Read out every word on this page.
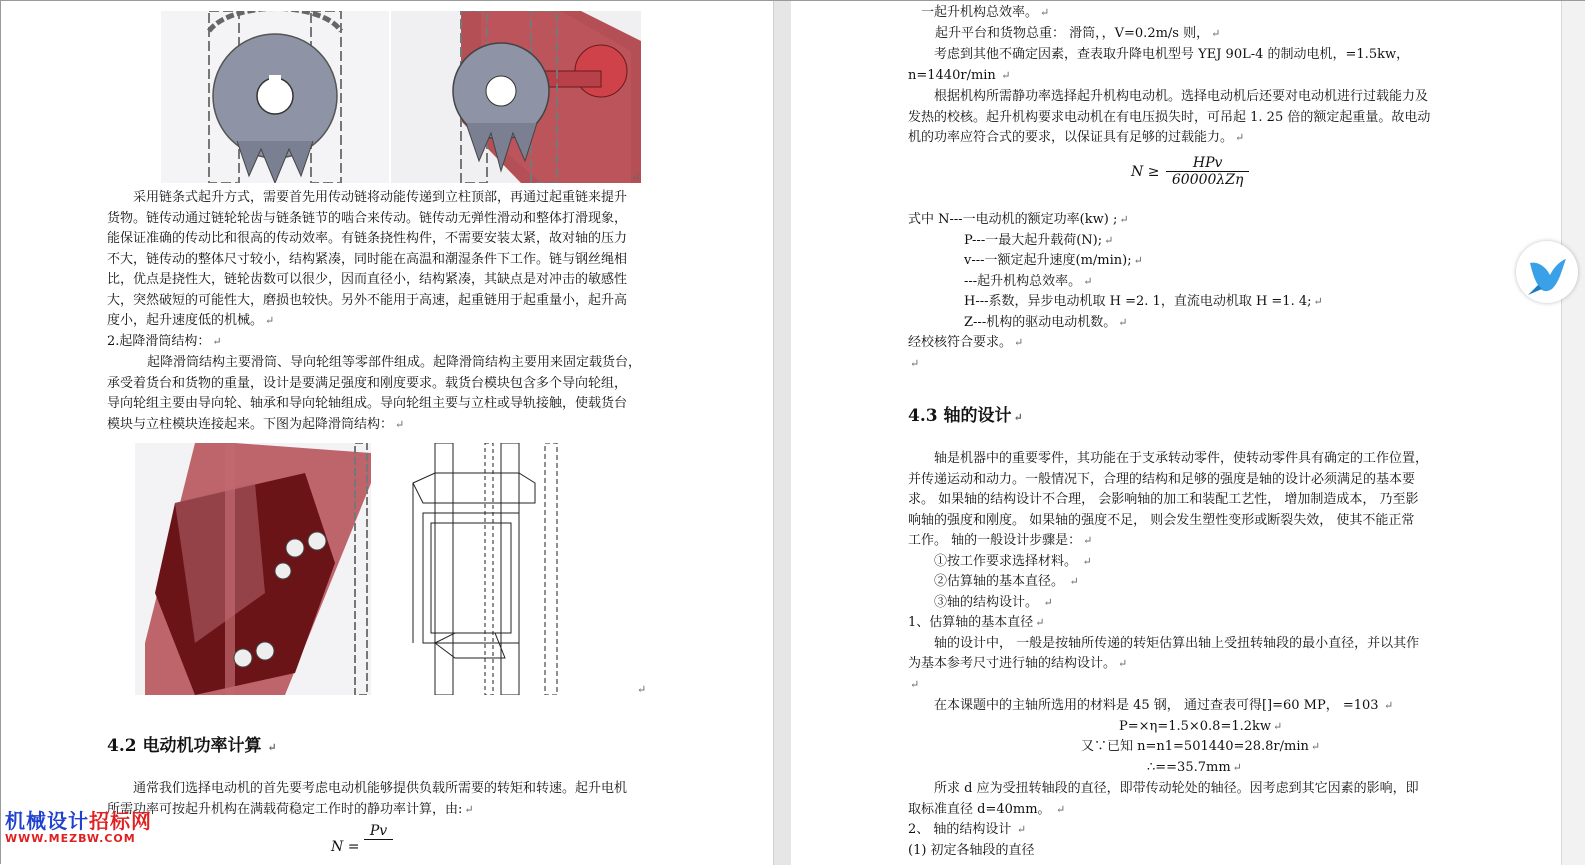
↵
采用链条式起升方式，需要首先用传动链将动能传递到立柱顶部，再通过起重链来提升
货物。链传动通过链轮轮齿与链条链节的啮合来传动。链传动无弹性滑动和整体打滑现象，
能保证准确的传动比和很高的传动效率。有链条挠性构件，不需要安装太紧，故对轴的压力
不大，链传动的整体尺寸较小，结构紧凑，同时能在高温和潮湿条件下工作。链与钢丝绳相
比，优点是挠性大，链轮齿数可以很少，因而直径小，结构紧凑，其缺点是对冲击的敏感性
大，突然破短的可能性大，磨损也较快。另外不能用于高速，起重链用于起重量小，起升高
度小，起升速度低的机械。 ↵
2.起降滑筒结构： ↵
起降滑筒结构主要滑筒、导向轮组等零部件组成。起降滑筒结构主要用来固定载货台，
承受着货台和货物的重量，设计是要满足强度和刚度要求。载货台模块包含多个导向轮组，
导向轮组主要由导向轮、轴承和导向轮轴组成。导向轮组主要与立柱或导轨接触，使载货台
模块与立柱模块连接起来。下图为起降滑筒结构： ↵
↵
4.2 电动机功率计算 ↵
通常我们选择电动机的首先要考虑电动机能够提供负载所需要的转矩和转速。起升电机
所需功率可按起升机构在满载荷稳定工作时的静功率计算，由: ↵
N =
Pv
机械设计招标网
WWW.MEZBW.COM
一起升机构总效率。 ↵
起升平台和货物总重： 滑筒，，V=0.2m/s 则， ↵
考虑到其他不确定因素，查表取升降电机型号 YEJ 90L-4 的制动电机，=1.5kw，
n=1440r/min ↵
根据机构所需静功率选择起升机构电动机。选择电动机后还要对电动机进行过载能力及
发热的校核。起升机构要求电动机在有电压损失时，可吊起 1. 25 倍的额定起重量。故电动
机的功率应符合式的要求，以保证具有足够的过载能力。 ↵
$N \ge \frac{\text{HPv}}{\text{60000λZη}}$
式中 N---一电动机的额定功率(kw) ; ↵
P---一最大起升载荷(N); ↵
v---一额定起升速度(m/min); ↵
---起升机构总效率。 ↵
H---系数，异步电动机取 H =2. 1，直流电动机取 H =1. 4; ↵
Z---机构的驱动电动机数。 ↵
经校核符合要求。 ↵
↵
4.3 轴的设计 ↵
轴是机器中的重要零件，其功能在于支承转动零件，使转动零件具有确定的工作位置，
并传递运动和动力。一般情况下，合理的结构和足够的强度是轴的设计必须满足的基本要
求。 如果轴的结构设计不合理， 会影响轴的加工和装配工艺性， 增加制造成本， 乃至影
响轴的强度和刚度。 如果轴的强度不足， 则会发生塑性变形或断裂失效， 使其不能正常
工作。 轴的一般设计步骤是： ↵
①按工作要求选择材料。 ↵
②估算轴的基本直径。 ↵
③轴的结构设计。 ↵
1、估算轴的基本直径 ↵
轴的设计中， 一般是按轴所传递的转矩估算出轴上受扭转轴段的最小直径，并以其作
为基本参考尺寸进行轴的结构设计。 ↵
↵
在本课题中的主轴所选用的材料是 45 钢， 通过查表可得[]=60 MP， =103 ↵
P=×η=1.5×0.8=1.2kw ↵
又∵已知 n=n1=501440=28.8r/min ↵
∴==35.7mm ↵
所求 d 应为受扭转轴段的直径，即带传动轮处的轴径。因考虑到其它因素的影响，即
取标准直径 d=40mm。 ↵
2、 轴的结构设计 ↵
(1) 初定各轴段的直径
